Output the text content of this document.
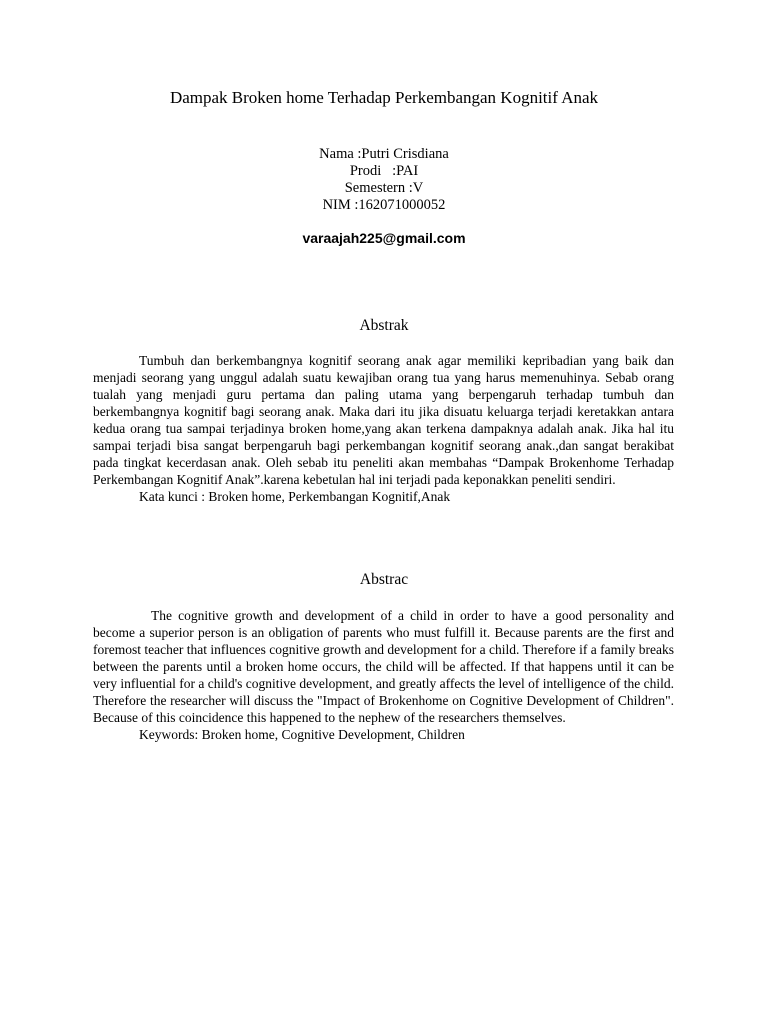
Dampak Broken home Terhadap Perkembangan Kognitif Anak
Nama :Putri Crisdiana
Prodi   :PAI
Semestern :V
NIM :162071000052
varaajah225@gmail.com
Abstrak

Tumbuh dan berkembangnya kognitif seorang anak agar memiliki kepribadian yang baik dan menjadi seorang yang unggul adalah suatu kewajiban orang tua yang harus memenuhinya. Sebab orang tualah yang menjadi guru pertama dan paling utama yang berpengaruh terhadap tumbuh dan berkembangnya kognitif bagi seorang anak. Maka dari itu jika disuatu keluarga terjadi keretakkan antara kedua orang tua sampai terjadinya broken home,yang akan terkena dampaknya adalah anak. Jika hal itu sampai terjadi bisa sangat berpengaruh bagi perkembangan kognitif seorang anak.,dan sangat berakibat pada tingkat kecerdasan anak. Oleh sebab itu peneliti akan membahas “Dampak Brokenhome Terhadap Perkembangan Kognitif Anak”.karena kebetulan hal ini terjadi pada keponakkan peneliti sendiri.

Kata kunci : Broken home, Perkembangan Kognitif,Anak

Abstrac

The cognitive growth and development of a child in order to have a good personality and become a superior person is an obligation of parents who must fulfill it. Because parents are the first and foremost teacher that influences cognitive growth and development for a child. Therefore if a family breaks between the parents until a broken home occurs, the child will be affected. If that happens until it can be very influential for a child's cognitive development, and greatly affects the level of intelligence of the child. Therefore the researcher will discuss the "Impact of Brokenhome on Cognitive Development of Children". Because of this coincidence this happened to the nephew of the researchers themselves.

Keywords: Broken home, Cognitive Development, Children
